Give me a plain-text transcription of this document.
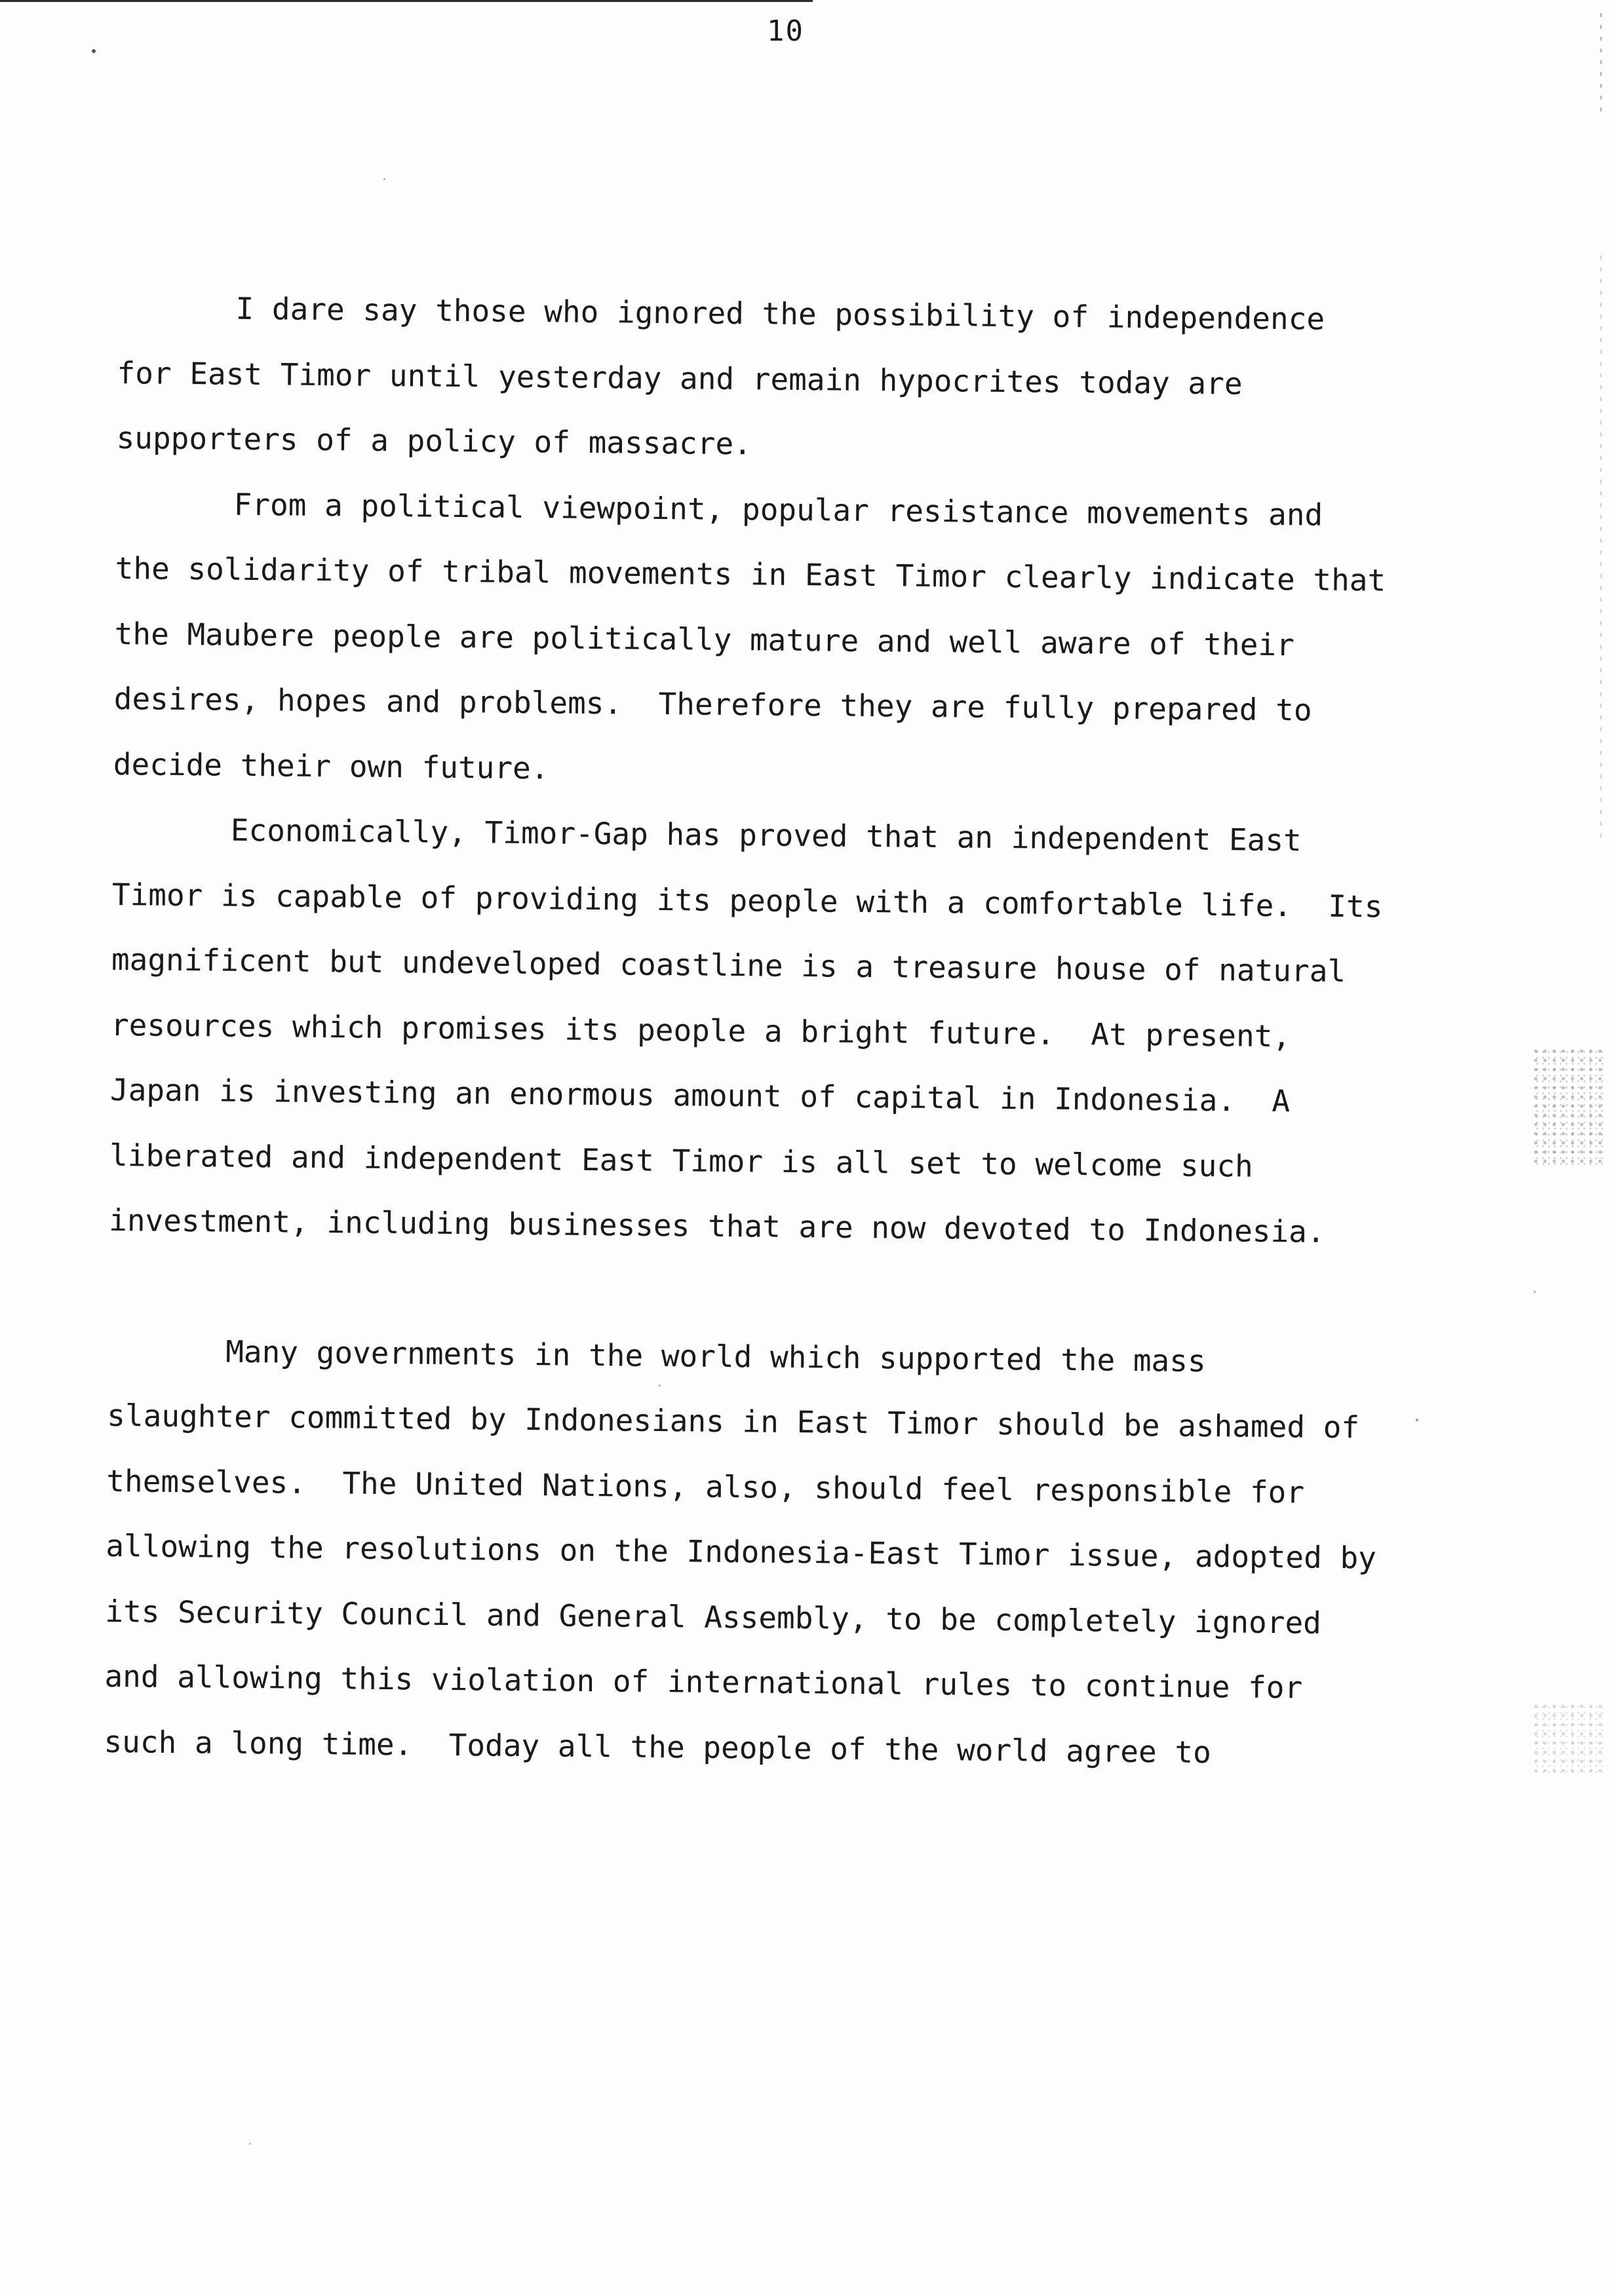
10

I dare say those who ignored the possibility of independence for East Timor until yesterday and remain hypocrites today are supporters of a policy of massacre.

From a political viewpoint, popular resistance movements and the solidarity of tribal movements in East Timor clearly indicate that the Maubere people are politically mature and well aware of their desires, hopes and problems.  Therefore they are fully prepared to decide their own future.

Economically, Timor-Gap has proved that an independent East Timor is capable of providing its people with a comfortable life.  Its magnificent but undeveloped coastline is a treasure house of natural resources which promises its people a bright future.  At present, Japan is investing an enormous amount of capital in Indonesia.  A liberated and independent East Timor is all set to welcome such investment, including businesses that are now devoted to Indonesia.

Many governments in the world which supported the mass slaughter committed by Indonesians in East Timor should be ashamed of themselves.  The United Nations, also, should feel responsible for allowing the resolutions on the Indonesia-East Timor issue, adopted by its Security Council and General Assembly, to be completely ignored and allowing this violation of international rules to continue for such a long time.  Today all the people of the world agree to
